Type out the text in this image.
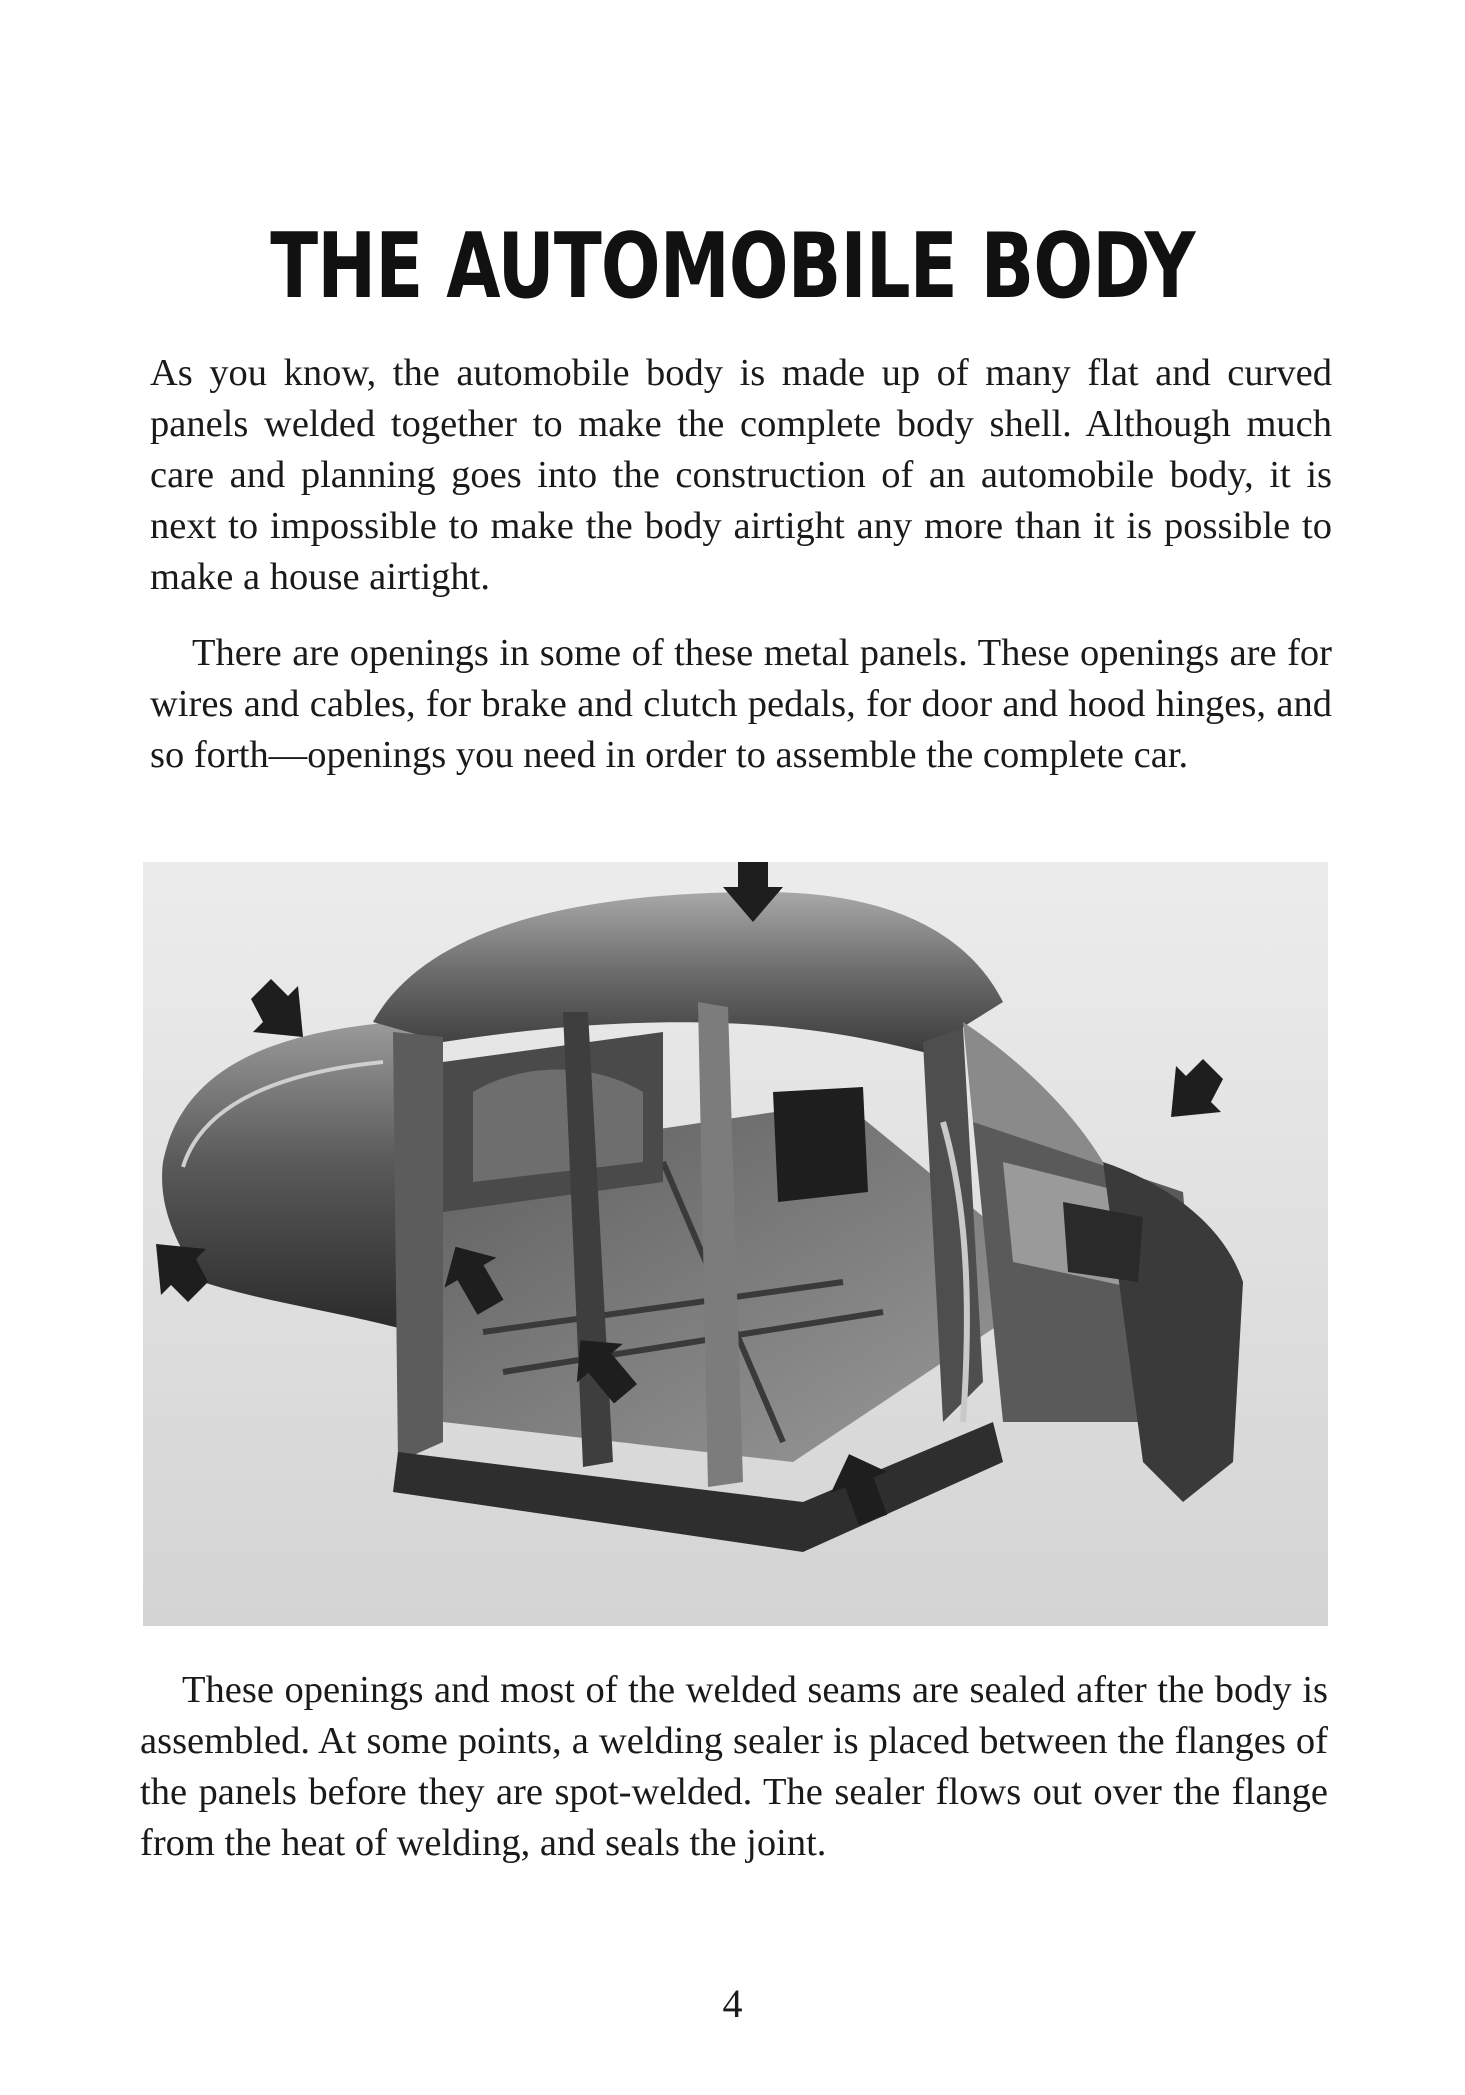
THE AUTOMOBILE BODY

As you know, the automobile body is made up of many flat and curved panels welded together to make the complete body shell. Although much care and planning goes into the construction of an automobile body, it is next to impossible to make the body airtight any more than it is possible to make a house airtight.

There are openings in some of these metal panels. These openings are for wires and cables, for brake and clutch pedals, for door and hood hinges, and so forth—openings you need in order to assemble the complete car.

These openings and most of the welded seams are sealed after the body is assembled. At some points, a welding sealer is placed between the flanges of the panels before they are spot-welded. The sealer flows out over the flange from the heat of welding, and seals the joint.

4
